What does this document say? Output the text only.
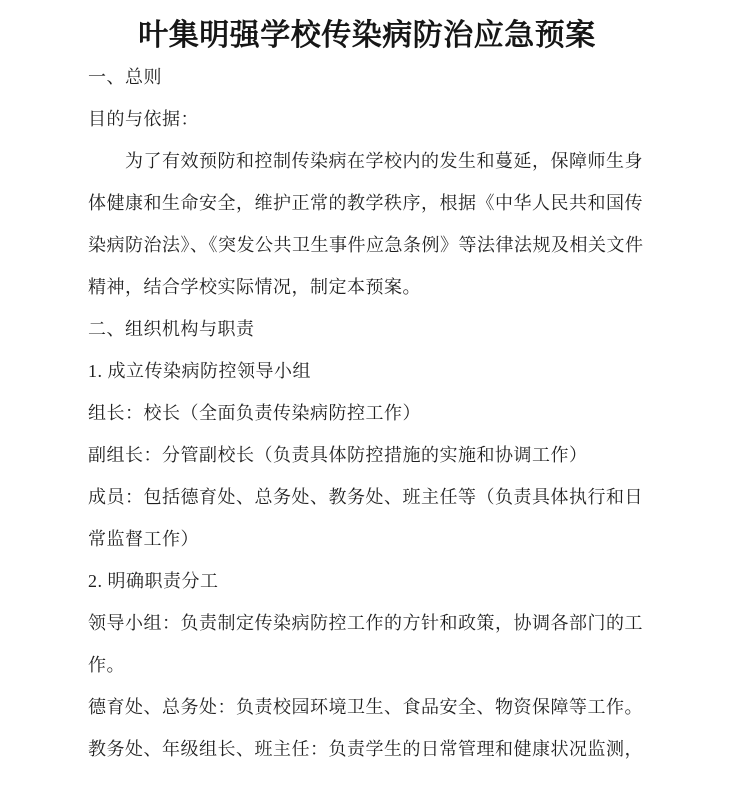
叶集明强学校传染病防治应急预案
一、总则
目的与依据：
为了有效预防和控制传染病在学校内的发生和蔓延，保障师生身
体健康和生命安全，维护正常的教学秩序，根据《中华人民共和国传
染病防治法》、《突发公共卫生事件应急条例》等法律法规及相关文件
精神，结合学校实际情况，制定本预案。
二、组织机构与职责
1. 成立传染病防控领导小组
组长：校长（全面负责传染病防控工作）
副组长：分管副校长（负责具体防控措施的实施和协调工作）
成员：包括德育处、总务处、教务处、班主任等（负责具体执行和日
常监督工作）
2. 明确职责分工
领导小组：负责制定传染病防控工作的方针和政策，协调各部门的工
作。
德育处、总务处：负责校园环境卫生、食品安全、物资保障等工作。
教务处、年级组长、班主任：负责学生的日常管理和健康状况监测，
